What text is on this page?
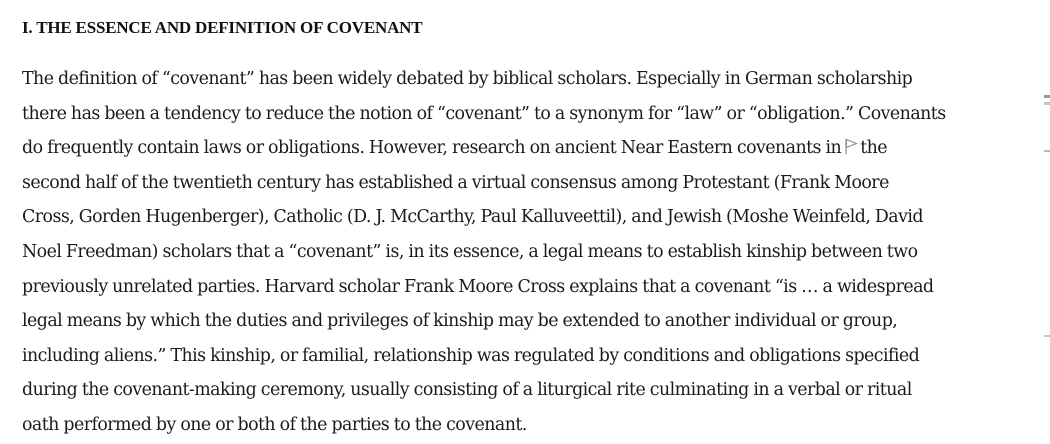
I. THE ESSENCE AND DEFINITION OF COVENANT
The definition of “covenant” has been widely debated by biblical scholars. Especially in German scholarship
there has been a tendency to reduce the notion of “covenant” to a synonym for “law” or “obligation.” Covenants
do frequently contain laws or obligations. However, research on ancient Near Eastern covenants in the
second half of the twentieth century has established a virtual consensus among Protestant (Frank Moore
Cross, Gorden Hugenberger), Catholic (D. J. McCarthy, Paul Kalluveettil), and Jewish (Moshe Weinfeld, David
Noel Freedman) scholars that a “covenant” is, in its essence, a legal means to establish kinship between two
previously unrelated parties. Harvard scholar Frank Moore Cross explains that a covenant “is … a widespread
legal means by which the duties and privileges of kinship may be extended to another individual or group,
including aliens.” This kinship, or familial, relationship was regulated by conditions and obligations specified
during the covenant-making ceremony, usually consisting of a liturgical rite culminating in a verbal or ritual
oath performed by one or both of the parties to the covenant.
